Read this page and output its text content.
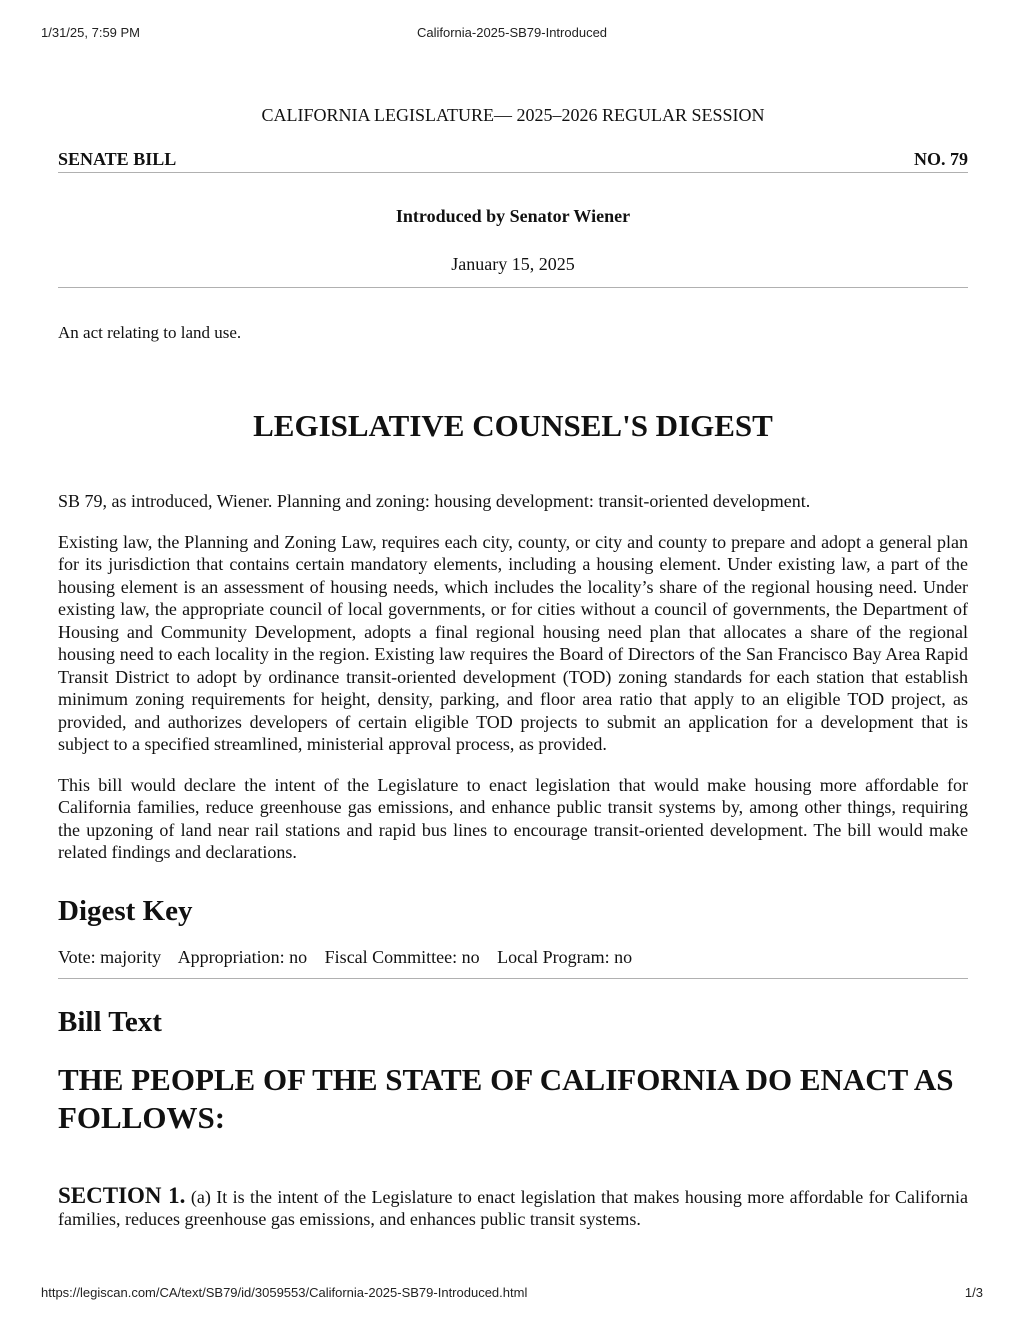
1/31/25, 7:59 PM	California-2025-SB79-Introduced
CALIFORNIA LEGISLATURE— 2025–2026 REGULAR SESSION
SENATE BILL	NO. 79
Introduced by Senator Wiener
January 15, 2025
An act relating to land use.
LEGISLATIVE COUNSEL'S DIGEST
SB 79, as introduced, Wiener. Planning and zoning: housing development: transit-oriented development.
Existing law, the Planning and Zoning Law, requires each city, county, or city and county to prepare and adopt a general plan for its jurisdiction that contains certain mandatory elements, including a housing element. Under existing law, a part of the housing element is an assessment of housing needs, which includes the locality’s share of the regional housing need. Under existing law, the appropriate council of local governments, or for cities without a council of governments, the Department of Housing and Community Development, adopts a final regional housing need plan that allocates a share of the regional housing need to each locality in the region. Existing law requires the Board of Directors of the San Francisco Bay Area Rapid Transit District to adopt by ordinance transit-oriented development (TOD) zoning standards for each station that establish minimum zoning requirements for height, density, parking, and floor area ratio that apply to an eligible TOD project, as provided, and authorizes developers of certain eligible TOD projects to submit an application for a development that is subject to a specified streamlined, ministerial approval process, as provided.
This bill would declare the intent of the Legislature to enact legislation that would make housing more affordable for California families, reduce greenhouse gas emissions, and enhance public transit systems by, among other things, requiring the upzoning of land near rail stations and rapid bus lines to encourage transit-oriented development. The bill would make related findings and declarations.
Digest Key
Vote: majority Appropriation: no Fiscal Committee: no Local Program: no
Bill Text
THE PEOPLE OF THE STATE OF CALIFORNIA DO ENACT AS FOLLOWS:
SECTION 1. (a) It is the intent of the Legislature to enact legislation that makes housing more affordable for California families, reduces greenhouse gas emissions, and enhances public transit systems.
https://legiscan.com/CA/text/SB79/id/3059553/California-2025-SB79-Introduced.html	1/3
